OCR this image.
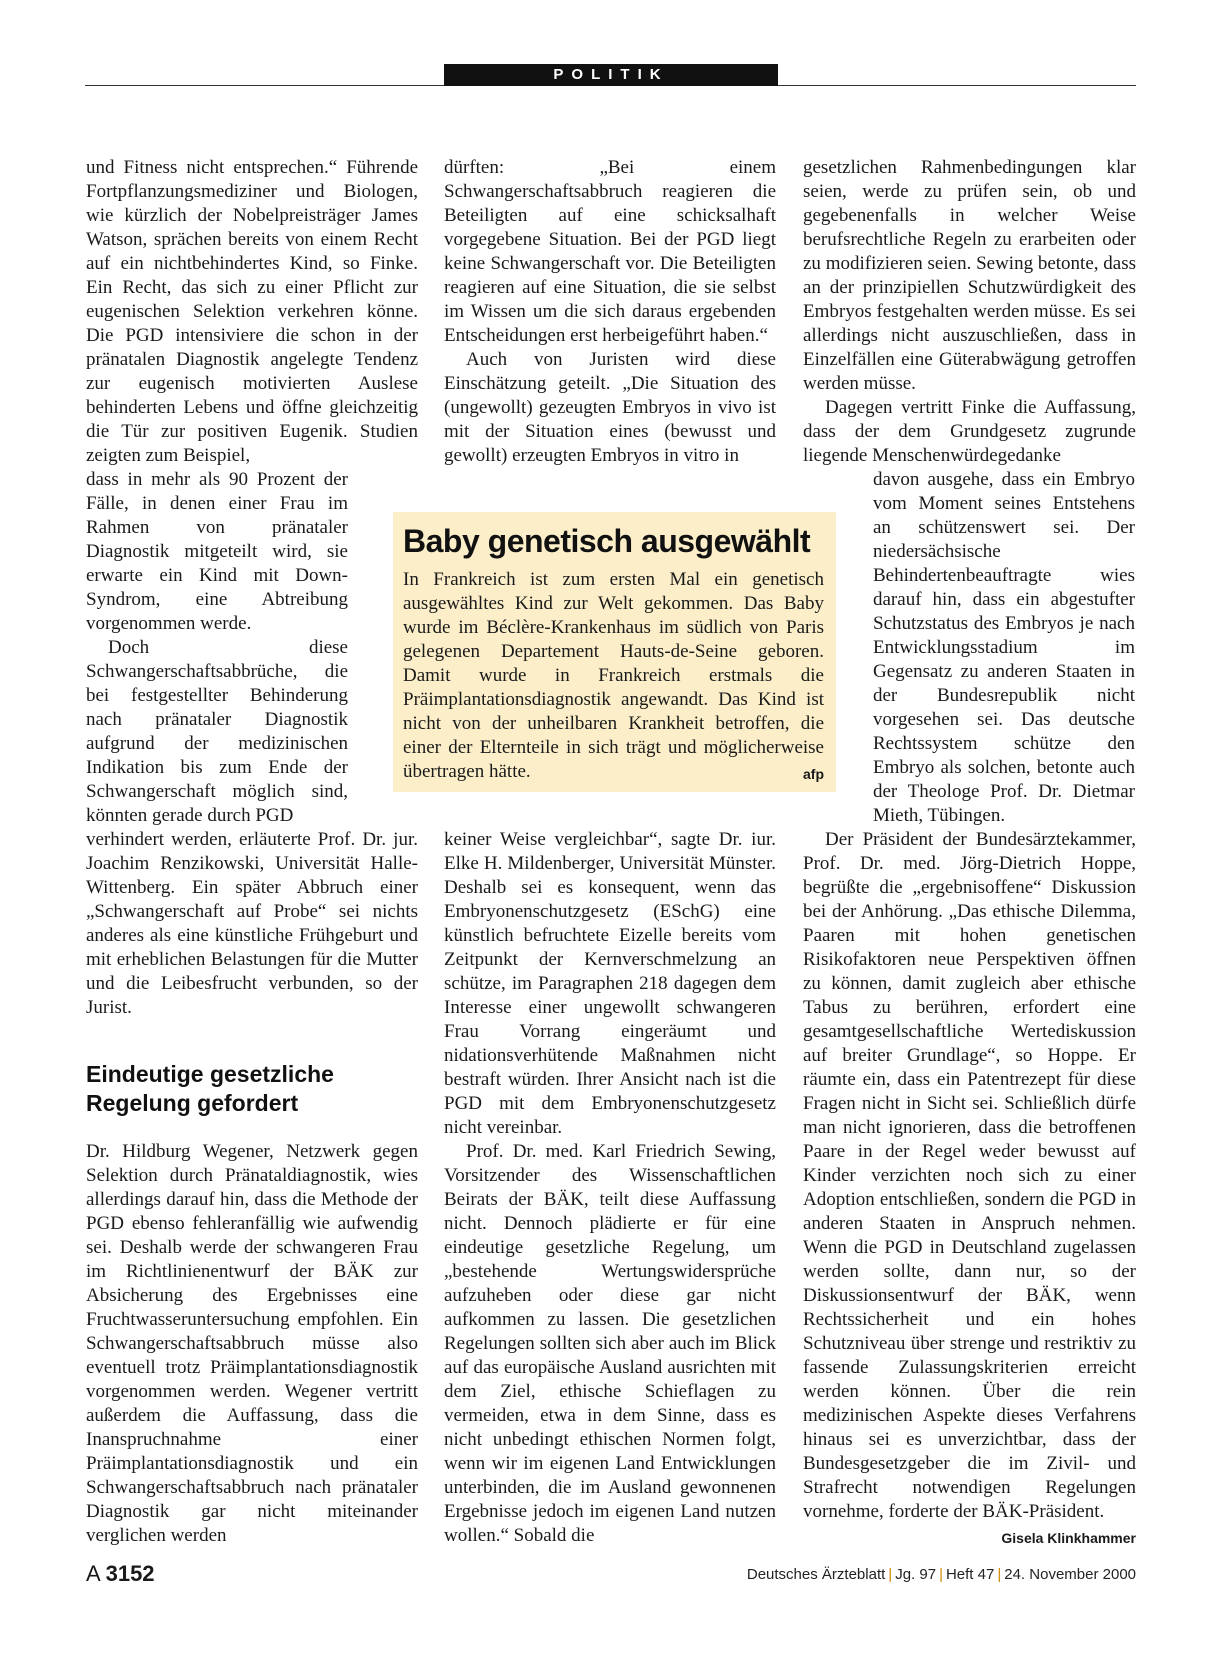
POLITIK

und Fitness nicht entsprechen.“ Führende Fortpflanzungsmediziner und Biologen, wie kürzlich der Nobelpreisträger James Watson, sprächen bereits von einem Recht auf ein nichtbehindertes Kind, so Finke. Ein Recht, das sich zu einer Pflicht zur eugenischen Selektion verkehren könne. Die PGD intensiviere die schon in der pränatalen Diagnostik angelegte Tendenz zur eugenisch motivierten Auslese behinderten Lebens und öffne gleichzeitig die Tür zur positiven Eugenik. Studien zeigten zum Beispiel,

dass in mehr als 90 Prozent der Fälle, in denen einer Frau im Rahmen von pränataler Diagnostik mitgeteilt wird, sie erwarte ein Kind mit Down-Syndrom, eine Abtreibung vorgenommen werde.

Doch diese Schwangerschaftsabbrüche, die bei festgestellter Behinderung nach pränataler Diagnostik aufgrund der medizinischen Indikation bis zum Ende der Schwangerschaft möglich sind, könnten gerade durch PGD

verhindert werden, erläuterte Prof. Dr. jur. Joachim Renzikowski, Universität Halle-Wittenberg. Ein später Abbruch einer „Schwangerschaft auf Probe“ sei nichts anderes als eine künstliche Frühgeburt und mit erheblichen Belastungen für die Mutter und die Leibesfrucht verbunden, so der Jurist.

Eindeutige gesetzliche Regelung gefordert

Dr. Hildburg Wegener, Netzwerk gegen Selektion durch Pränataldiagnostik, wies allerdings darauf hin, dass die Methode der PGD ebenso fehleranfällig wie aufwendig sei. Deshalb werde der schwangeren Frau im Richtlinienentwurf der BÄK zur Absicherung des Ergebnisses eine Fruchtwasseruntersuchung empfohlen. Ein Schwangerschaftsabbruch müsse also eventuell trotz Präimplantationsdiagnostik vorgenommen werden. Wegener vertritt außerdem die Auffassung, dass die Inanspruchnahme einer Präimplantationsdiagnostik und ein Schwangerschaftsabbruch nach pränataler Diagnostik gar nicht miteinander verglichen werden

dürften: „Bei einem Schwangerschaftsabbruch reagieren die Beteiligten auf eine schicksalhaft vorgegebene Situation. Bei der PGD liegt keine Schwangerschaft vor. Die Beteiligten reagieren auf eine Situation, die sie selbst im Wissen um die sich daraus ergebenden Entscheidungen erst herbeigeführt haben.“

Auch von Juristen wird diese Einschätzung geteilt. „Die Situation des (ungewollt) gezeugten Embryos in vivo ist mit der Situation eines (bewusst und gewollt) erzeugten Embryos in vitro in

keiner Weise vergleichbar“, sagte Dr. iur. Elke H. Mildenberger, Universität Münster. Deshalb sei es konsequent, wenn das Embryonenschutzgesetz (ESchG) eine künstlich befruchtete Eizelle bereits vom Zeitpunkt der Kernverschmelzung an schütze, im Paragraphen 218 dagegen dem Interesse einer ungewollt schwangeren Frau Vorrang eingeräumt und nidationsverhütende Maßnahmen nicht bestraft würden. Ihrer Ansicht nach ist die PGD mit dem Embryonenschutzgesetz nicht vereinbar.

Prof. Dr. med. Karl Friedrich Sewing, Vorsitzender des Wissenschaftlichen Beirats der BÄK, teilt diese Auffassung nicht. Dennoch plädierte er für eine eindeutige gesetzliche Regelung, um „bestehende Wertungswidersprüche aufzuheben oder diese gar nicht aufkommen zu lassen. Die gesetzlichen Regelungen sollten sich aber auch im Blick auf das europäische Ausland ausrichten mit dem Ziel, ethische Schieflagen zu vermeiden, etwa in dem Sinne, dass es nicht unbedingt ethischen Normen folgt, wenn wir im eigenen Land Entwicklungen unterbinden, die im Ausland gewonnenen Ergebnisse jedoch im eigenen Land nutzen wollen.“ Sobald die

gesetzlichen Rahmenbedingungen klar seien, werde zu prüfen sein, ob und gegebenenfalls in welcher Weise berufsrechtliche Regeln zu erarbeiten oder zu modifizieren seien. Sewing betonte, dass an der prinzipiellen Schutzwürdigkeit des Embryos festgehalten werden müsse. Es sei allerdings nicht auszuschließen, dass in Einzelfällen eine Güterabwägung getroffen werden müsse.

Dagegen vertritt Finke die Auffassung, dass der dem Grundgesetz zugrunde liegende Menschenwürdegedanke

davon ausgehe, dass ein Embryo vom Moment seines Entstehens an schützenswert sei. Der niedersächsische Behindertenbeauftragte wies darauf hin, dass ein abgestufter Schutzstatus des Embryos je nach Entwicklungsstadium im Gegensatz zu anderen Staaten in der Bundesrepublik nicht vorgesehen sei. Das deutsche Rechtssystem schütze den Embryo als solchen, betonte auch der Theologe Prof. Dr. Dietmar Mieth, Tübingen.

Der Präsident der Bundesärztekammer, Prof. Dr. med. Jörg-Dietrich Hoppe, begrüßte die „ergebnisoffene“ Diskussion bei der Anhörung. „Das ethische Dilemma, Paaren mit hohen genetischen Risikofaktoren neue Perspektiven öffnen zu können, damit zugleich aber ethische Tabus zu berühren, erfordert eine gesamtgesellschaftliche Wertediskussion auf breiter Grundlage“, so Hoppe. Er räumte ein, dass ein Patentrezept für diese Fragen nicht in Sicht sei. Schließlich dürfe man nicht ignorieren, dass die betroffenen Paare in der Regel weder bewusst auf Kinder verzichten noch sich zu einer Adoption entschließen, sondern die PGD in anderen Staaten in Anspruch nehmen. Wenn die PGD in Deutschland zugelassen werden sollte, dann nur, so der Diskussionsentwurf der BÄK, wenn Rechtssicherheit und ein hohes Schutzniveau über strenge und restriktiv zu fassende Zulassungskriterien erreicht werden können. Über die rein medizinischen Aspekte dieses Verfahrens hinaus sei es unverzichtbar, dass der Bundesgesetzgeber die im Zivil- und Strafrecht notwendigen Regelungen vornehme, forderte der BÄK-Präsident.

Gisela Klinkhammer

Baby genetisch ausgewählt

In Frankreich ist zum ersten Mal ein genetisch ausgewähltes Kind zur Welt gekommen. Das Baby wurde im Béclère-Krankenhaus im südlich von Paris gelegenen Departement Hauts-de-Seine geboren. Damit wurde in Frankreich erstmals die Präimplantationsdiagnostik angewandt. Das Kind ist nicht von der unheilbaren Krankheit betroffen, die einer der Elternteile in sich trägt und möglicherweise übertragen hätte.	afp
A 3152	Deutsches Ärzteblatt | Jg. 97 | Heft 47 | 24. November 2000
